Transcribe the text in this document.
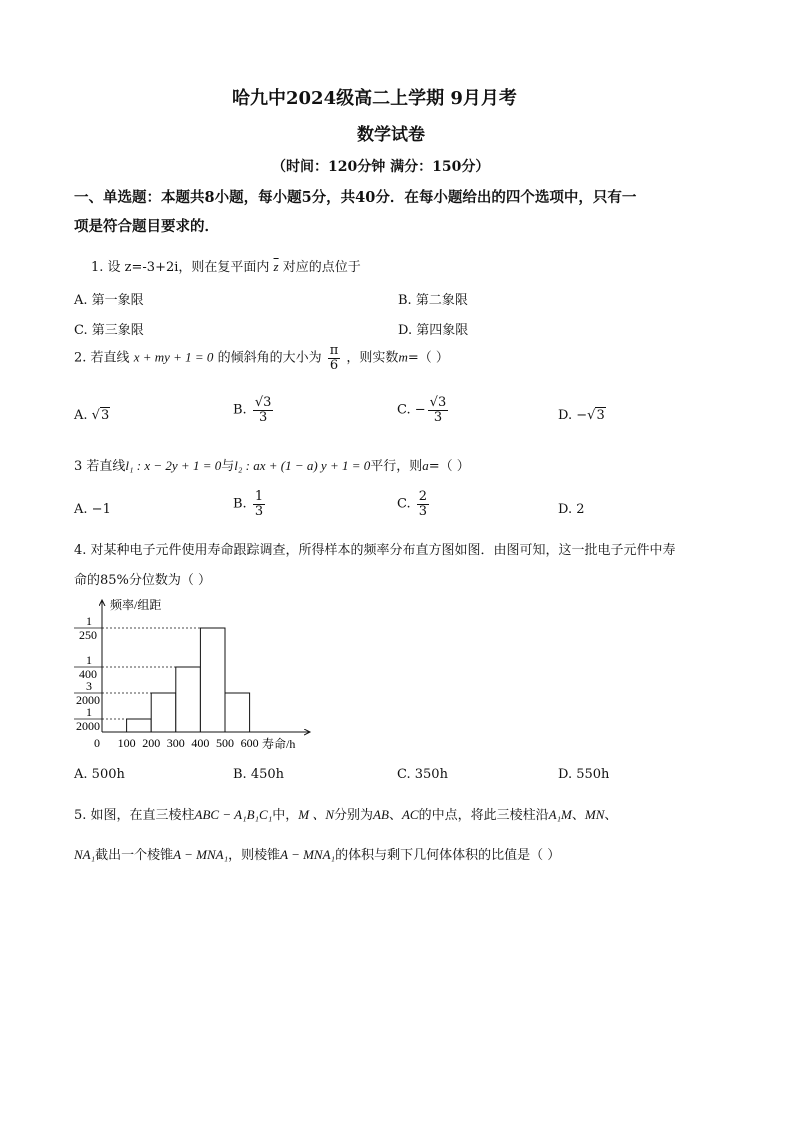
哈九中2024级高二上学期 9月月考
数学试卷
（时间：120分钟 满分：150分）
一、单选题：本题共8小题，每小题5分，共40分．在每小题给出的四个选项中，只有一
项是符合题目要求的．
1. 设 z=-3+2i，则在复平面内 $\overline{z}$ 对应的点位于
A. 第一象限	B. 第二象限
C. 第三象限	D. 第四象限
2. 若直线 x + my + 1 = 0 的倾斜角的大小为 $\frac{\pi}{6}$ ，则实数m=（ ）
A. √3	B. $\frac{√3}{3}$	C. − $\frac{√3}{3}$	D. −√3
3 若直线l₁ : x − 2y + 1 = 0与l₂ : ax + (1 − a) y + 1 = 0平行，则a=（ ）
A. −1	B. $\frac{1}{3}$	C. $\frac{2}{3}$	D. 2
4. 对某种电子元件使用寿命跟踪调查，所得样本的频率分布直方图如图．由图可知，这一批电子元件中寿
命的85%分位数为（ ）
频率/组距
寿命/h
1
2000
3
2000
1
400
1
250
0 100 200 300 400 500 600
A. 500h	B. 450h	C. 350h	D. 550h
5. 如图，在直三棱柱ABC − A₁B₁C₁中，M 、N分别为AB、AC的中点，将此三棱柱沿A₁M、MN、
NA₁截出一个棱锥A − MNA₁，则棱锥A − MNA₁的体积与剩下几何体体积的比值是（ ）
